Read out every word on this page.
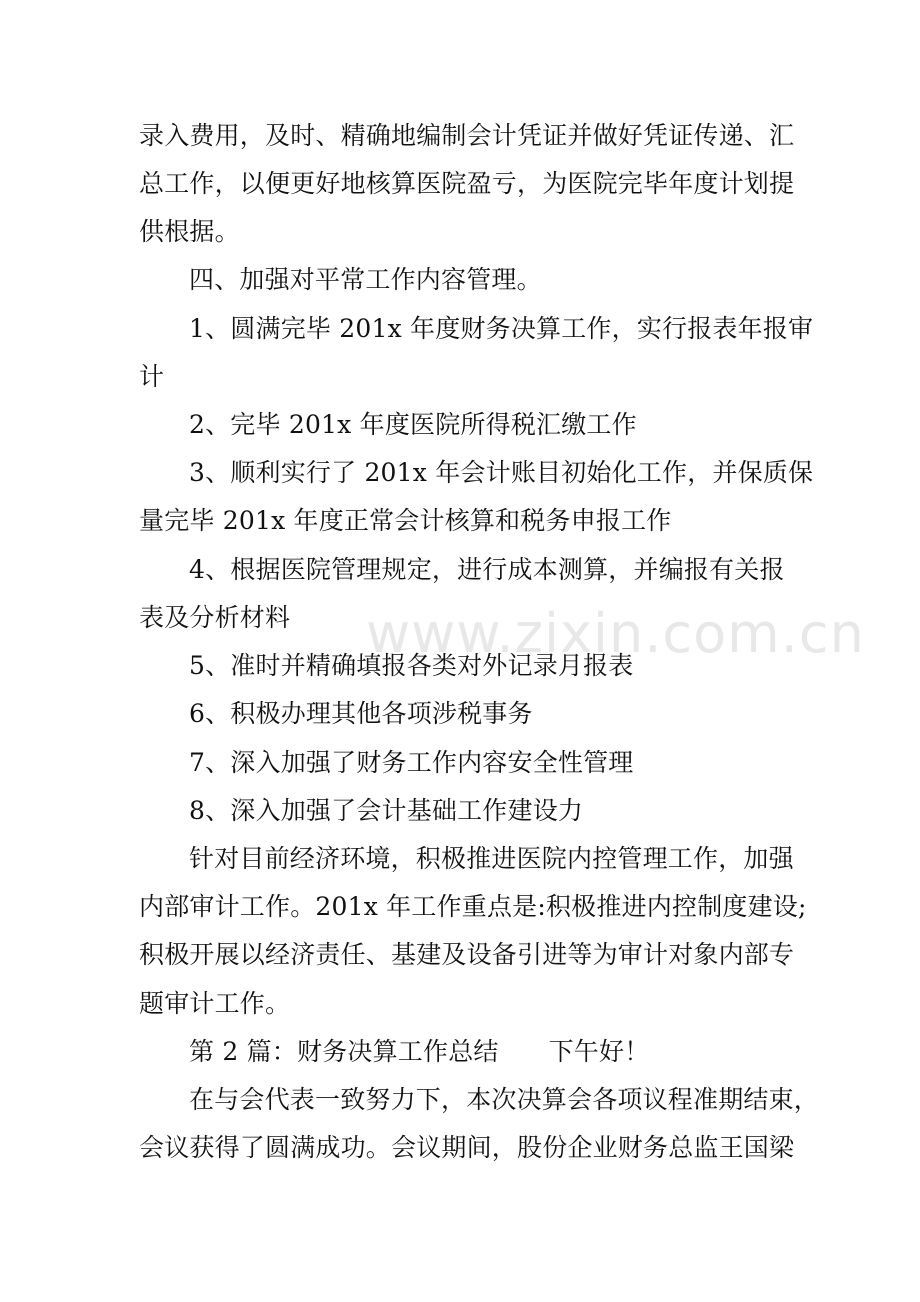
录入费用，及时、精确地编制会计凭证并做好凭证传递、汇
总工作，以便更好地核算医院盈亏，为医院完毕年度计划提
供根据。
四、加强对平常工作内容管理。
1、圆满完毕 201x 年度财务决算工作，实行报表年报审
计
2、完毕 201x 年度医院所得税汇缴工作
3、顺利实行了 201x 年会计账目初始化工作，并保质保
量完毕 201x 年度正常会计核算和税务申报工作
4、根据医院管理规定，进行成本测算，并编报有关报
表及分析材料
5、准时并精确填报各类对外记录月报表
6、积极办理其他各项涉税事务
7、深入加强了财务工作内容安全性管理
8、深入加强了会计基础工作建设力
针对目前经济环境，积极推进医院内控管理工作，加强
内部审计工作。201x 年工作重点是:积极推进内控制度建设;
积极开展以经济责任、基建及设备引进等为审计对象内部专
题审计工作。
第 2 篇：财务决算工作总结 下午好！
在与会代表一致努力下，本次决算会各项议程准期结束，
会议获得了圆满成功。会议期间，股份企业财务总监王国梁
www.zixin.com.cn
